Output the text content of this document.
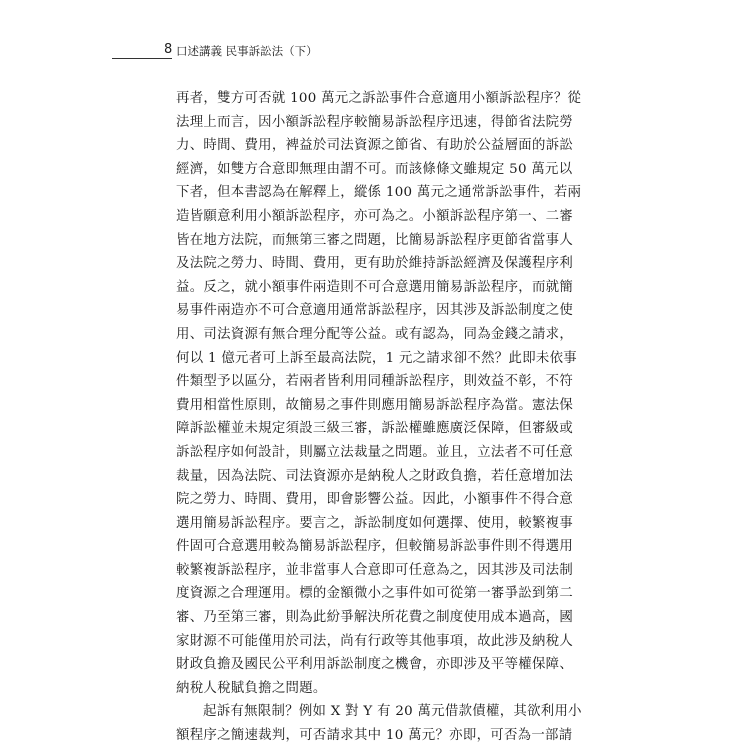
8 口述講義 民事訴訟法（下）
再者，雙方可否就 100 萬元之訴訟事件合意適用小額訴訟程序？從
法理上而言，因小額訴訟程序較簡易訴訟程序迅速，得節省法院勞
力、時間、費用，裨益於司法資源之節省、有助於公益層面的訴訟
經濟，如雙方合意即無理由謂不可。而該條條文雖規定 50 萬元以
下者，但本書認為在解釋上，縱係 100 萬元之通常訴訟事件，若兩
造皆願意利用小額訴訟程序，亦可為之。小額訴訟程序第一、二審
皆在地方法院，而無第三審之問題，比簡易訴訟程序更節省當事人
及法院之勞力、時間、費用，更有助於維持訴訟經濟及保護程序利
益。反之，就小額事件兩造則不可合意選用簡易訴訟程序，而就簡
易事件兩造亦不可合意適用通常訴訟程序，因其涉及訴訟制度之使
用、司法資源有無合理分配等公益。或有認為，同為金錢之請求，
何以 1 億元者可上訴至最高法院，1 元之請求卻不然？此即未依事
件類型予以區分，若兩者皆利用同種訴訟程序，則效益不彰，不符
費用相當性原則，故簡易之事件則應用簡易訴訟程序為當。憲法保
障訴訟權並未規定須設三級三審，訴訟權雖應廣泛保障，但審級或
訴訟程序如何設計，則屬立法裁量之問題。並且，立法者不可任意
裁量，因為法院、司法資源亦是納稅人之財政負擔，若任意增加法
院之勞力、時間、費用，即會影響公益。因此，小額事件不得合意
選用簡易訴訟程序。要言之，訴訟制度如何選擇、使用，較繁複事
件固可合意選用較為簡易訴訟程序，但較簡易訴訟事件則不得選用
較繁複訴訟程序，並非當事人合意即可任意為之，因其涉及司法制
度資源之合理運用。標的金額微小之事件如可從第一審爭訟到第二
審、乃至第三審，則為此紛爭解決所花費之制度使用成本過高，國
家財源不可能僅用於司法，尚有行政等其他事項，故此涉及納稅人
財政負擔及國民公平利用訴訟制度之機會，亦即涉及平等權保障、
納稅人稅賦負擔之問題。
起訴有無限制？例如 X 對 Y 有 20 萬元借款債權，其欲利用小
額程序之簡速裁判，可否請求其中 10 萬元？亦即，可否為一部請
